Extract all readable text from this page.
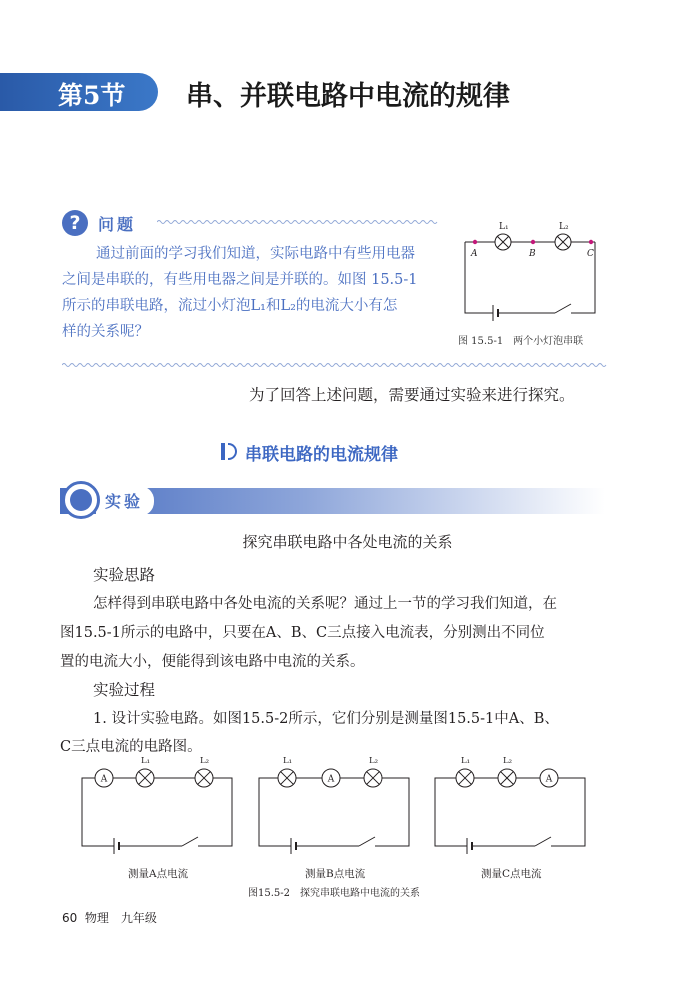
第5节 串、并联电路中电流的规律
?	问题
通过前面的学习我们知道，实际电路中有些用电器
之间是串联的，有些用电器之间是并联的。如图 15.5-1
所示的串联电路，流过小灯泡L₁和L₂的电流大小有怎
样的关系呢？
L₁	L₂
A	B	C
图 15.5-1　两个小灯泡串联
为了回答上述问题，需要通过实验来进行探究。
串联电路的电流规律
实验
探究串联电路中各处电流的关系
实验思路
怎样得到串联电路中各处电流的关系呢？通过上一节的学习我们知道，在
图15.5-1所示的电路中，只要在A、B、C三点接入电流表，分别测出不同位
置的电流大小，便能得到该电路中电流的关系。
实验过程
1. 设计实验电路。如图15.5-2所示，它们分别是测量图15.5-1中A、B、
C三点电流的电路图。
A
L₁	L₂	L₁
A
L₂	L₁	L₂
A
测量A点电流	测量B点电流	测量C点电流
图15.5-2　探究串联电路中电流的关系
60 物理　九年级
